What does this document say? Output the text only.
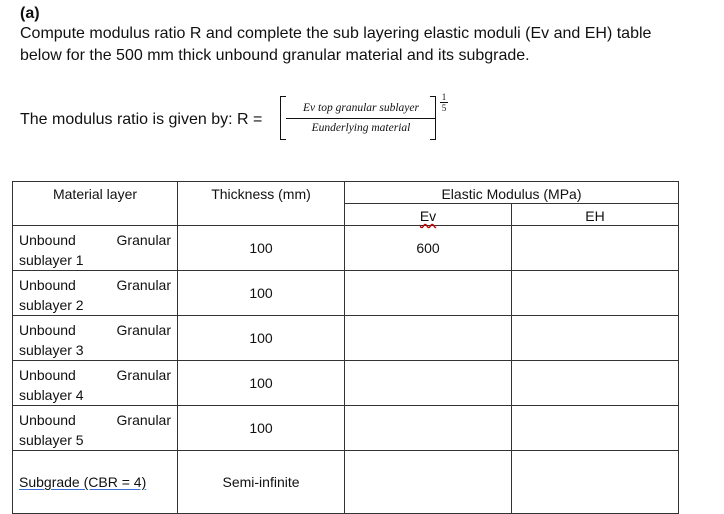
(a)
Compute modulus ratio R and complete the sub layering elastic moduli (Ev and EH) table
below for the 500 mm thick unbound granular material and its subgrade.
The modulus ratio is given by: R =
Ev top granular sublayer
Eunderlying material
1
5
Material layer	Thickness (mm)	Elastic Modulus (MPa)	
		Ev	EH

Unbound Granular
sublayer 1	100	600	

Unbound Granular
sublayer 2	100		

Unbound Granular
sublayer 3	100		

Unbound Granular
sublayer 4	100		

Unbound Granular
sublayer 5	100		
Subgrade (CBR = 4)	Semi-infinite		
